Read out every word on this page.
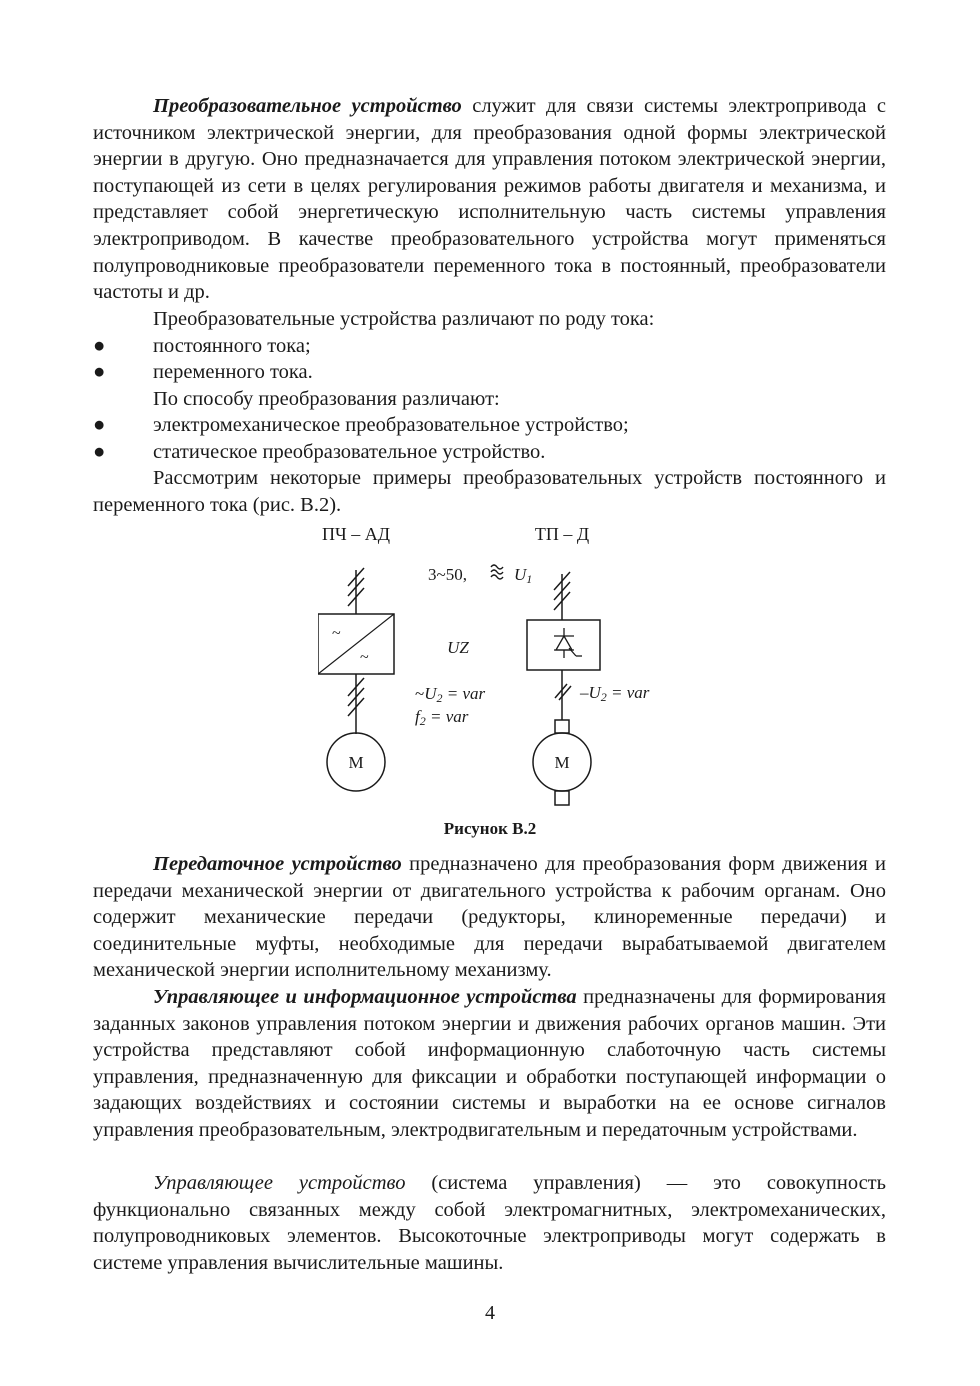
Преобразовательное устройство служит для связи системы электропривода с источником электрической энергии, для преобразования одной формы электрической энергии в другую. Оно предназначается для управления потоком электрической энергии, поступающей из сети в целях регулирования режимов работы двигателя и механизма, и представляет собой энергетическую исполнительную часть системы управления электроприводом. В качестве преобразовательного устройства могут применяться полупроводниковые преобразователи переменного тока в постоянный, преобразователи частоты и др.

Преобразовательные устройства различают по роду тока:

●	постоянного тока;
●	переменного тока.

По способу преобразования различают:

●	электромеханическое преобразовательное устройство;
●	статическое преобразовательное устройство.

Рассмотрим некоторые примеры преобразовательных устройств постоянного и переменного тока (рис. В.2).

ПЧ – АД	ТП – Д
3~50,	U1
~
~
М
UZ
~U2 = var
f2 = var
–U2 = var
М
Рисунок В.2

Передаточное устройство предназначено для преобразования форм движения и передачи механической энергии от двигательного устройства к рабочим органам. Оно содержит механические передачи (редукторы, клиноременные передачи) и соединительные муфты, необходимые для передачи вырабатываемой двигателем механической энергии исполнительному механизму.

Управляющее и информационное устройства предназначены для формирования заданных законов управления потоком энергии и движения рабочих органов машин. Эти устройства представляют собой информационную слаботочную часть системы управления, предназначенную для фиксации и обработки поступающей информации о задающих воздействиях и состоянии системы и выработки на ее основе сигналов управления преобразовательным, электродвигательным и передаточным устройствами.

Управляющее устройство (система управления) — это совокупность функционально связанных между собой электромагнитных, электромеханических, полупроводниковых элементов. Высокоточные электроприводы могут содержать в системе управления вычислительные машины.

4
